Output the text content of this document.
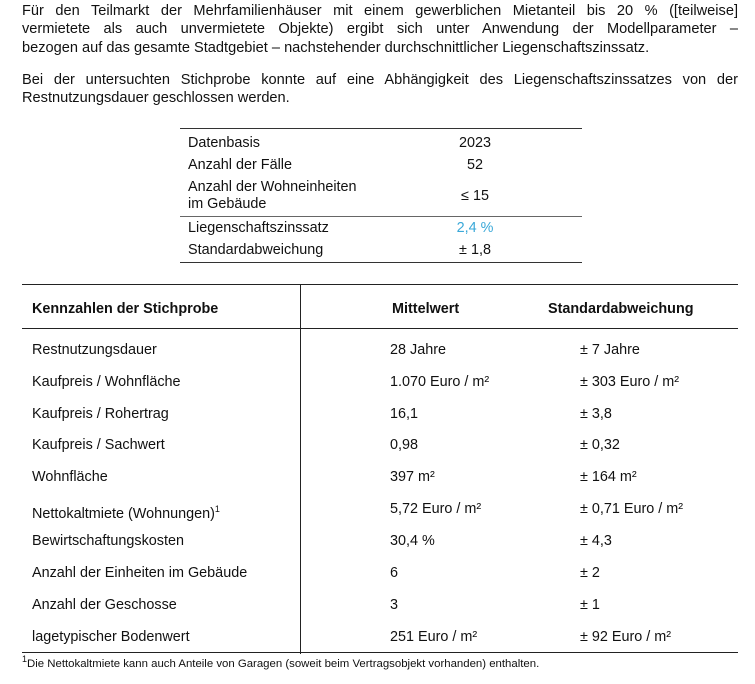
Für den Teilmarkt der Mehrfamilienhäuser mit einem gewerblichen Mietanteil bis 20 % ([teilweise]
vermietete als auch unvermietete Objekte) ergibt sich unter Anwendung der Modellparameter –
bezogen auf das gesamte Stadtgebiet – nachstehender durchschnittlicher Liegenschaftszinssatz.
Bei der untersuchten Stichprobe konnte auf eine Abhängigkeit des Liegenschaftszinssatzes von der
Restnutzungsdauer geschlossen werden.
Datenbasis	2023
Anzahl der Fälle	52
Anzahl der Wohneinheiten
im Gebäude	≤ 15
Liegenschaftszinssatz	2,4 %
Standardabweichung	± 1,8
Kennzahlen der Stichprobe	Mittelwert	Standardabweichung
Restnutzungsdauer	28 Jahre	± 7 Jahre
Kaufpreis / Wohnfläche	1.070 Euro / m²	± 303 Euro / m²
Kaufpreis / Rohertrag	16,1	± 3,8
Kaufpreis / Sachwert	0,98	± 0,32
Wohnfläche	397 m²	± 164 m²
Nettokaltmiete (Wohnungen)$^1$	5,72 Euro / m²	± 0,71 Euro / m²
Bewirtschaftungskosten	30,4 %	± 4,3
Anzahl der Einheiten im Gebäude	6	± 2
Anzahl der Geschosse	3	± 1
lagetypischer Bodenwert	251 Euro / m²	± 92 Euro / m²
$^1$Die Nettokaltmiete kann auch Anteile von Garagen (soweit beim Vertragsobjekt vorhanden) enthalten.
